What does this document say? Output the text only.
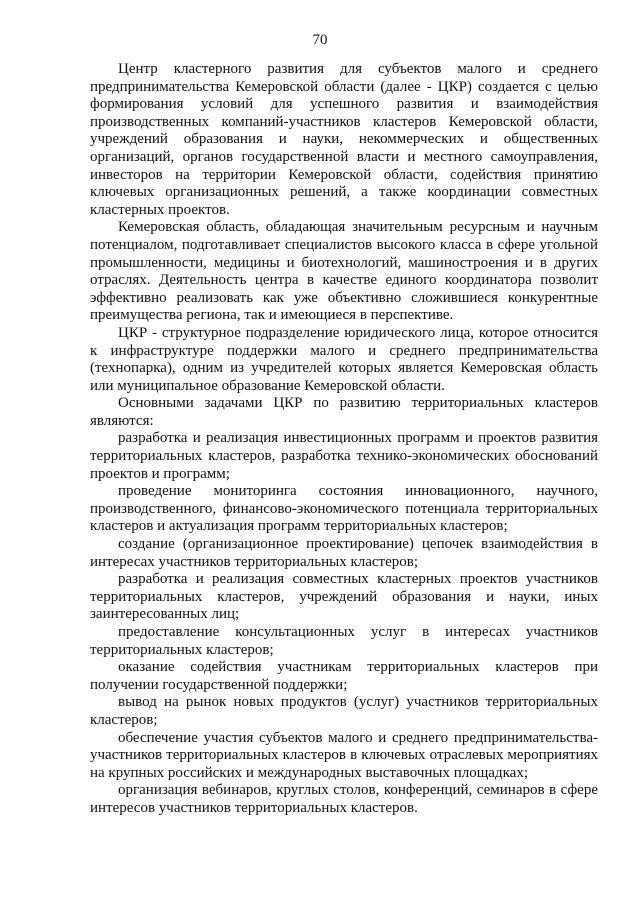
70

Центр кластерного развития для субъектов малого и среднего предпринимательства Кемеровской области (далее - ЦКР) создается с целью формирования условий для успешного развития и взаимодействия производственных компаний-участников кластеров Кемеровской области, учреждений образования и науки, некоммерческих и общественных организаций, органов государственной власти и местного самоуправления, инвесторов на территории Кемеровской области, содействия принятию ключевых организационных решений, а также координации совместных кластерных проектов.

Кемеровская область, обладающая значительным ресурсным и научным потенциалом, подготавливает специалистов высокого класса в сфере угольной промышленности, медицины и биотехнологий, машиностроения и в других отраслях. Деятельность центра в качестве единого координатора позволит эффективно реализовать как уже объективно сложившиеся конкурентные преимущества региона, так и имеющиеся в перспективе.

ЦКР - структурное подразделение юридического лица, которое относится к инфраструктуре поддержки малого и среднего предпринимательства (технопарка), одним из учредителей которых является Кемеровская область или муниципальное образование Кемеровской области.

Основными задачами ЦКР по развитию территориальных кластеров являются:

разработка и реализация инвестиционных программ и проектов развития территориальных кластеров, разработка технико-экономических обоснований проектов и программ;

проведение мониторинга состояния инновационного, научного, производственного, финансово-экономического потенциала территориальных кластеров и актуализация программ территориальных кластеров;

создание (организационное проектирование) цепочек взаимодействия в интересах участников территориальных кластеров;

разработка и реализация совместных кластерных проектов участников территориальных кластеров, учреждений образования и науки, иных заинтересованных лиц;

предоставление консультационных услуг в интересах участников территориальных кластеров;

оказание содействия участникам территориальных кластеров при получении государственной поддержки;

вывод на рынок новых продуктов (услуг) участников территориальных кластеров;

обеспечение участия субъектов малого и среднего предпринимательства-участников территориальных кластеров в ключевых отраслевых мероприятиях на крупных российских и международных выставочных площадках;

организация вебинаров, круглых столов, конференций, семинаров в сфере интересов участников территориальных кластеров.
